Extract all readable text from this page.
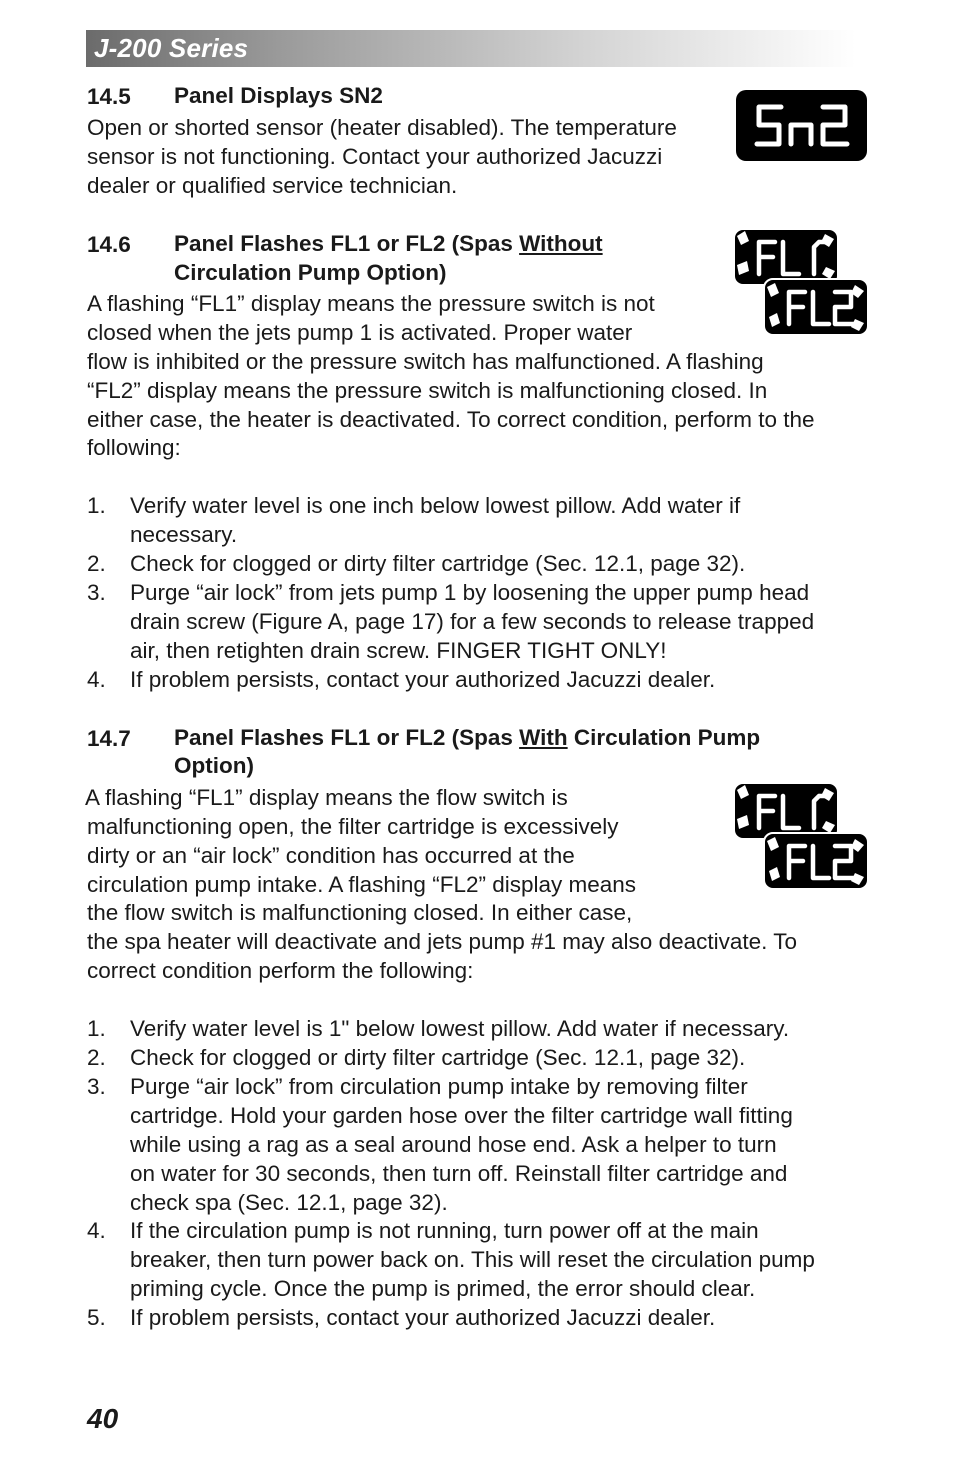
J-200 Series
14.5 Panel Displays SN2
Open or shorted sensor (heater disabled). The temperature
sensor is not functioning. Contact your authorized Jacuzzi
dealer or qualified service technician.
14.6 Panel Flashes FL1 or FL2 (Spas Without
Circulation Pump Option)
A flashing “FL1” display means the pressure switch is not
closed when the jets pump 1 is activated. Proper water
flow is inhibited or the pressure switch has malfunctioned. A flashing
“FL2” display means the pressure switch is malfunctioning closed. In
either case, the heater is deactivated. To correct condition, perform to the
following:
1. Verify water level is one inch below lowest pillow. Add water if
necessary.
2. Check for clogged or dirty filter cartridge (Sec. 12.1, page 32).
3. Purge “air lock” from jets pump 1 by loosening the upper pump head
drain screw (Figure A, page 17) for a few seconds to release trapped
air, then retighten drain screw. FINGER TIGHT ONLY!
4. If problem persists, contact your authorized Jacuzzi dealer.
14.7 Panel Flashes FL1 or FL2 (Spas With Circulation Pump
Option)
A flashing “FL1” display means the flow switch is
malfunctioning open, the filter cartridge is excessively
dirty or an “air lock” condition has occurred at the
circulation pump intake. A flashing “FL2” display means
the flow switch is malfunctioning closed. In either case,
the spa heater will deactivate and jets pump #1 may also deactivate. To
correct condition perform the following:
1. Verify water level is 1" below lowest pillow. Add water if necessary.
2. Check for clogged or dirty filter cartridge (Sec. 12.1, page 32).
3. Purge “air lock” from circulation pump intake by removing filter
cartridge. Hold your garden hose over the filter cartridge wall fitting
while using a rag as a seal around hose end. Ask a helper to turn
on water for 30 seconds, then turn off. Reinstall filter cartridge and
check spa (Sec. 12.1, page 32).
4. If the circulation pump is not running, turn power off at the main
breaker, then turn power back on. This will reset the circulation pump
priming cycle. Once the pump is primed, the error should clear.
5. If problem persists, contact your authorized Jacuzzi dealer.
40
